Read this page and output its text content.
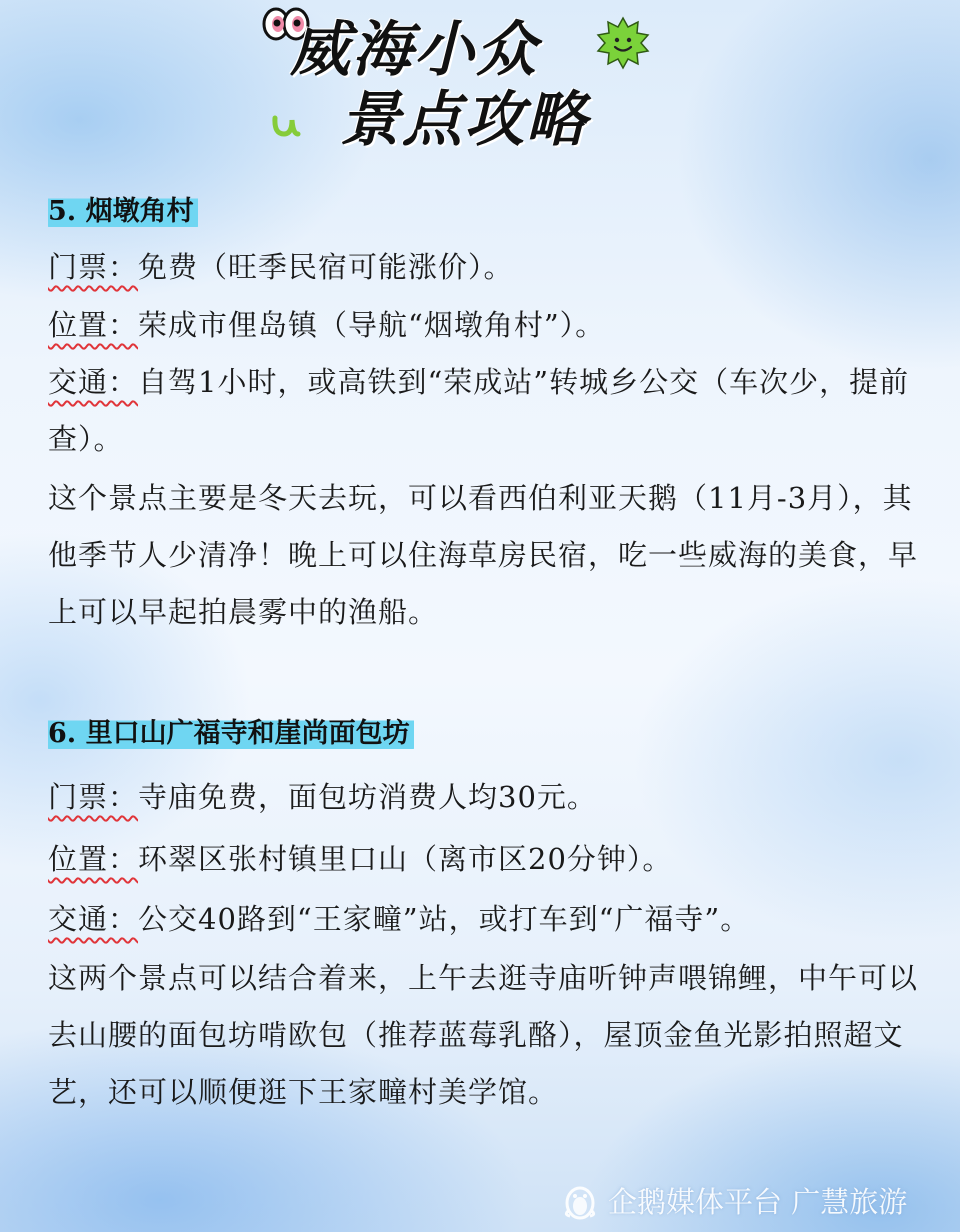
威海小众
景点攻略
5. 烟墩角村
门票：免费（旺季民宿可能涨价）。
位置：荣成市俚岛镇（导航“烟墩角村”）。

交通：自驾1小时，或高铁到“荣成站”转城乡公交（车次少，提前查）。

这个景点主要是冬天去玩，可以看西伯利亚天鹅（11月-3月），其他季节人少清净！晚上可以住海草房民宿，吃一些威海的美食，早上可以早起拍晨雾中的渔船。

6. 里口山广福寺和崖尚面包坊
门票：寺庙免费，面包坊消费人均30元。
位置：环翠区张村镇里口山（离市区20分钟）。
交通：公交40路到“王家疃”站，或打车到“广福寺”。

这两个景点可以结合着来，上午去逛寺庙听钟声喂锦鲤，中午可以去山腰的面包坊啃欧包（推荐蓝莓乳酪），屋顶金鱼光影拍照超文艺，还可以顺便逛下王家疃村美学馆。

企鹅媒体平台 广慧旅游
